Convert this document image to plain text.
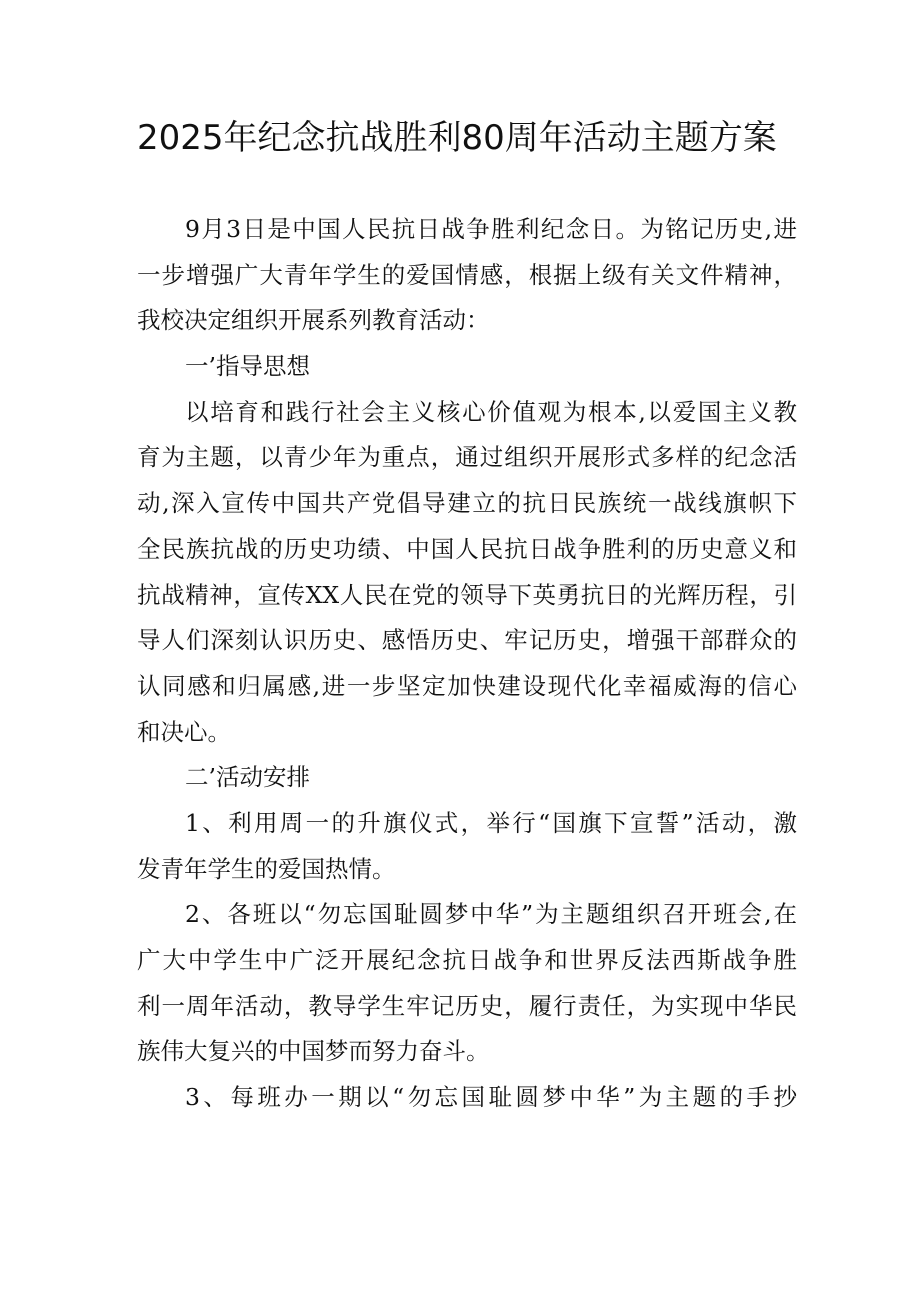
2025年纪念抗战胜利80周年活动主题方案
9月3日是中国人民抗日战争胜利纪念日。为铭记历史,进
一步增强广大青年学生的爱国情感，根据上级有关文件精神，
我校决定组织开展系列教育活动：
一’指导思想
以培育和践行社会主义核心价值观为根本,以爱国主义教
育为主题，以青少年为重点，通过组织开展形式多样的纪念活
动,深入宣传中国共产党倡导建立的抗日民族统一战线旗帜下
全民族抗战的历史功绩、中国人民抗日战争胜利的历史意义和
抗战精神，宣传XX人民在党的领导下英勇抗日的光辉历程，引
导人们深刻认识历史、感悟历史、牢记历史，增强干部群众的
认同感和归属感,进一步坚定加快建设现代化幸福威海的信心
和决心。
二’活动安排
1、利用周一的升旗仪式，举行“国旗下宣誓”活动，激
发青年学生的爱国热情。
2、各班以“勿忘国耻圆梦中华”为主题组织召开班会,在
广大中学生中广泛开展纪念抗日战争和世界反法西斯战争胜
利一周年活动，教导学生牢记历史，履行责任，为实现中华民
族伟大复兴的中国梦而努力奋斗。
3、每班办一期以“勿忘国耻圆梦中华”为主题的手抄
